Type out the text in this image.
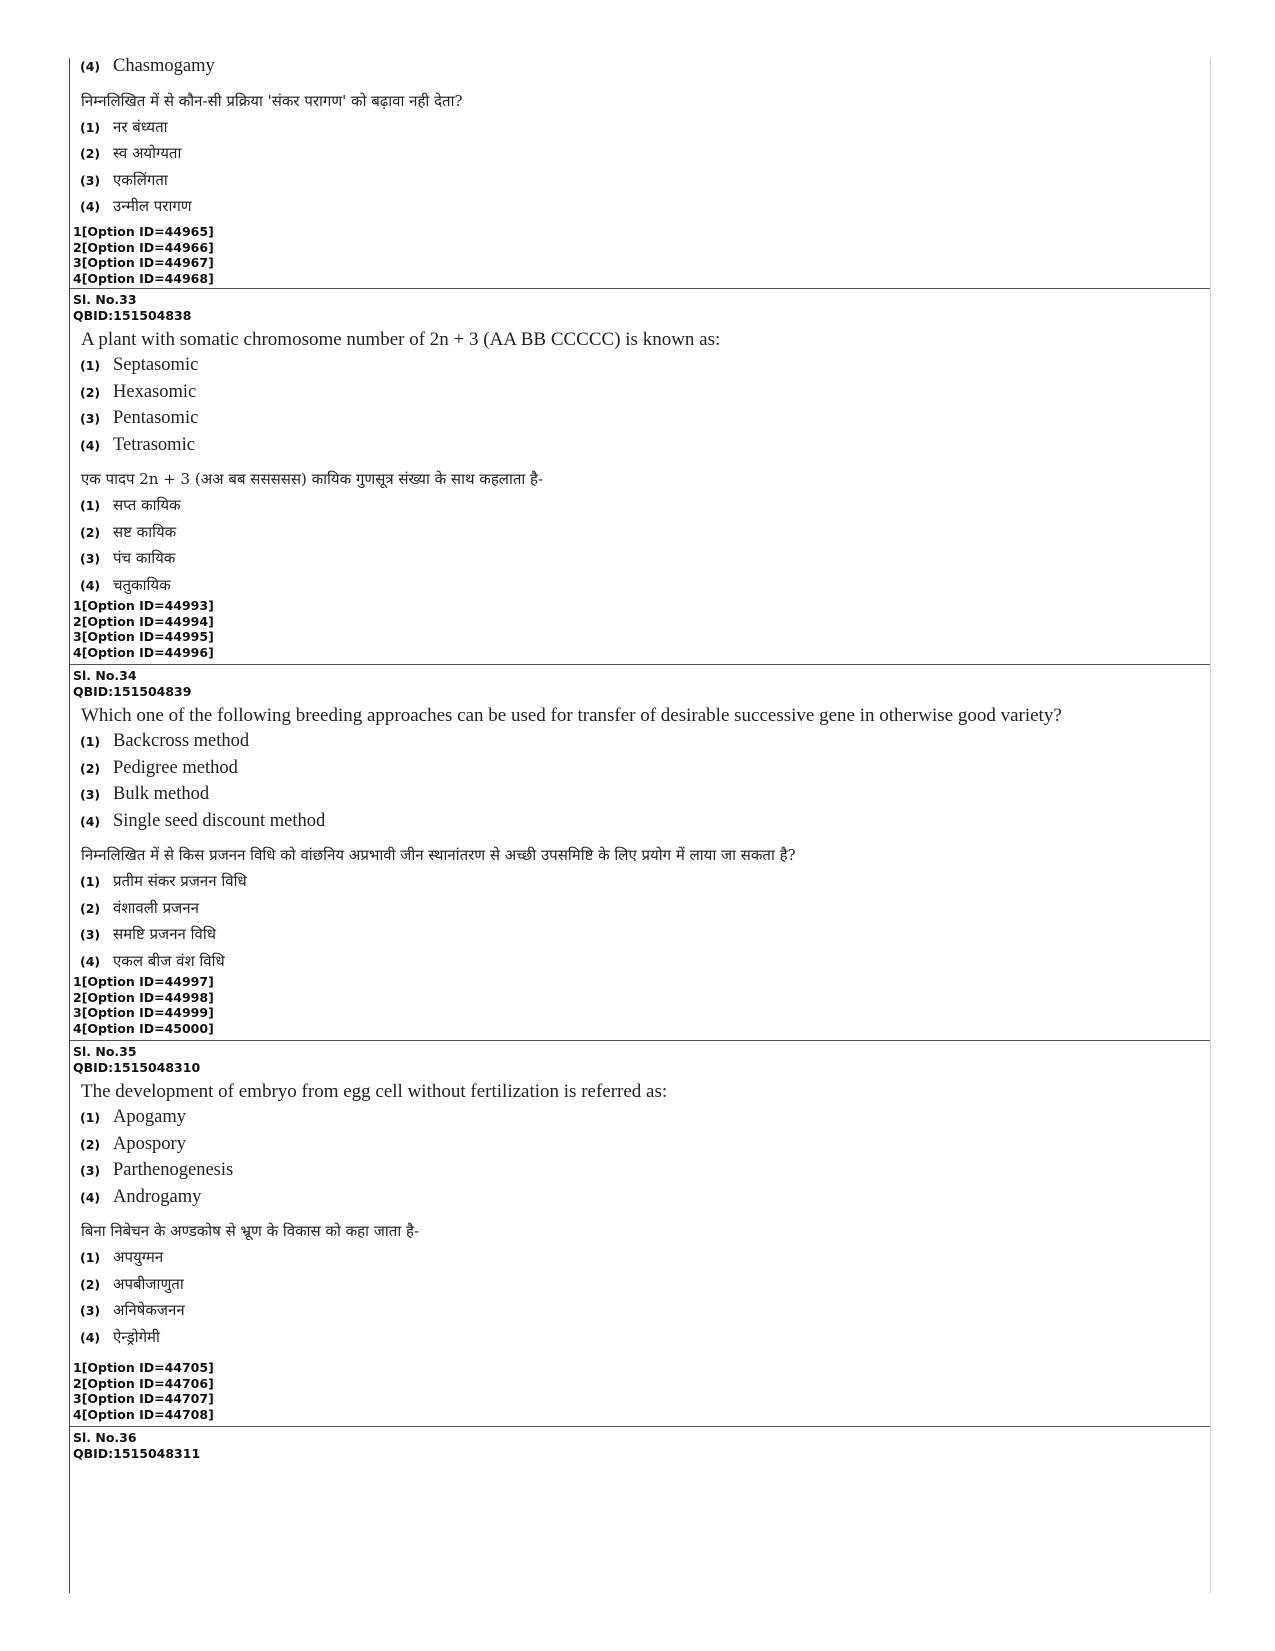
(4) Chasmogamy
निम्नलिखित में से कौन-सी प्रक्रिया 'संकर परागण' को बढ़ावा नही देता?
(1) नर बंध्यता
(2) स्व अयोग्यता
(3) एकलिंगता
(4) उन्मील परागण
1[Option ID=44965]
2[Option ID=44966]
3[Option ID=44967]
4[Option ID=44968]
Sl. No.33
QBID:151504838
A plant with somatic chromosome number of 2n + 3 (AA BB CCCCC) is known as:
(1) Septasomic
(2) Hexasomic
(3) Pentasomic
(4) Tetrasomic
एक पादप 2n + 3 (अअ बब ससससस) कायिक गुणसूत्र संख्या के साथ कहलाता है-
(1) सप्त कायिक
(2) सष्ट कायिक
(3) पंच कायिक
(4) चतुकायिक
1[Option ID=44993]
2[Option ID=44994]
3[Option ID=44995]
4[Option ID=44996]
Sl. No.34
QBID:151504839
Which one of the following breeding approaches can be used for transfer of desirable successive gene in otherwise good variety?
(1) Backcross method
(2) Pedigree method
(3) Bulk method
(4) Single seed discount method
निम्नलिखित में से किस प्रजनन विधि को वांछनिय अप्रभावी जीन स्थानांतरण से अच्छी उपसमिष्टि के लिए प्रयोग में लाया जा सकता है?
(1) प्रतीम संकर प्रजनन विधि
(2) वंशावली प्रजनन
(3) समष्टि प्रजनन विधि
(4) एकल बीज वंश विधि
1[Option ID=44997]
2[Option ID=44998]
3[Option ID=44999]
4[Option ID=45000]
Sl. No.35
QBID:1515048310
The development of embryo from egg cell without fertilization is referred as:
(1) Apogamy
(2) Apospory
(3) Parthenogenesis
(4) Androgamy
बिना निबेचन के अण्डकोष से भ्रूण के विकास को कहा जाता है-
(1) अपयुग्मन
(2) अपबीजाणुता
(3) अनिषेकजनन
(4) ऐन्ड्रोगेमी
1[Option ID=44705]
2[Option ID=44706]
3[Option ID=44707]
4[Option ID=44708]
Sl. No.36
QBID:1515048311
